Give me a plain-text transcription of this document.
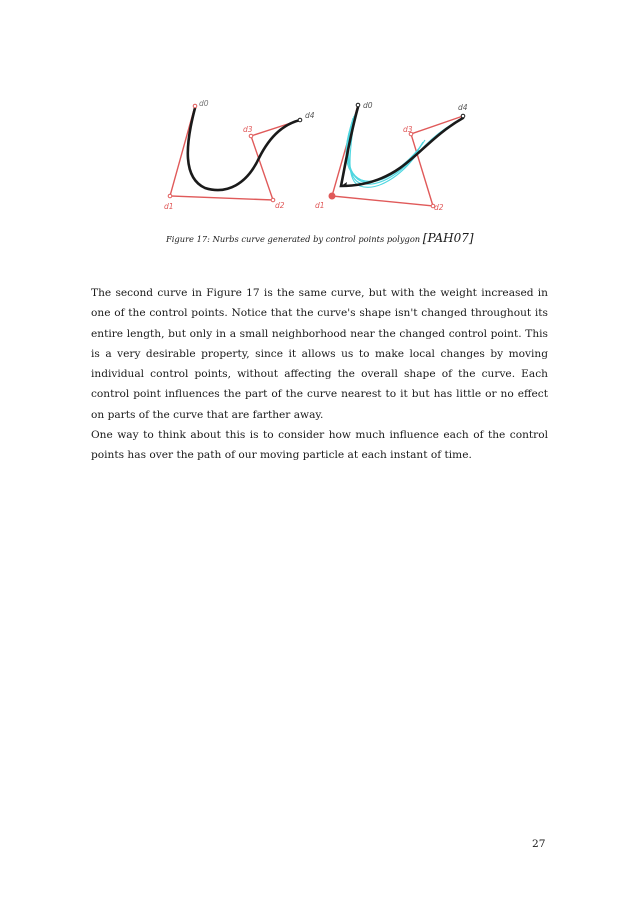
d0
d1	d2
d3
d4
d0
d1	d2
d3
d4
Figure 17: Nurbs curve generated by control points polygon [PAH07]

The second curve in Figure 17 is the same curve, but with the weight increased in one of the control points. Notice that the curve's shape isn't changed throughout its entire length, but only in a small neighborhood near the changed control point. This is a very desirable property, since it allows us to make local changes by moving individual control points, without affecting the overall shape of the curve. Each control point influences the part of the curve nearest to it but has little or no effect on parts of the curve that are farther away.

One way to think about this is to consider how much influence each of the control points has over the path of our moving particle at each instant of time.

27
